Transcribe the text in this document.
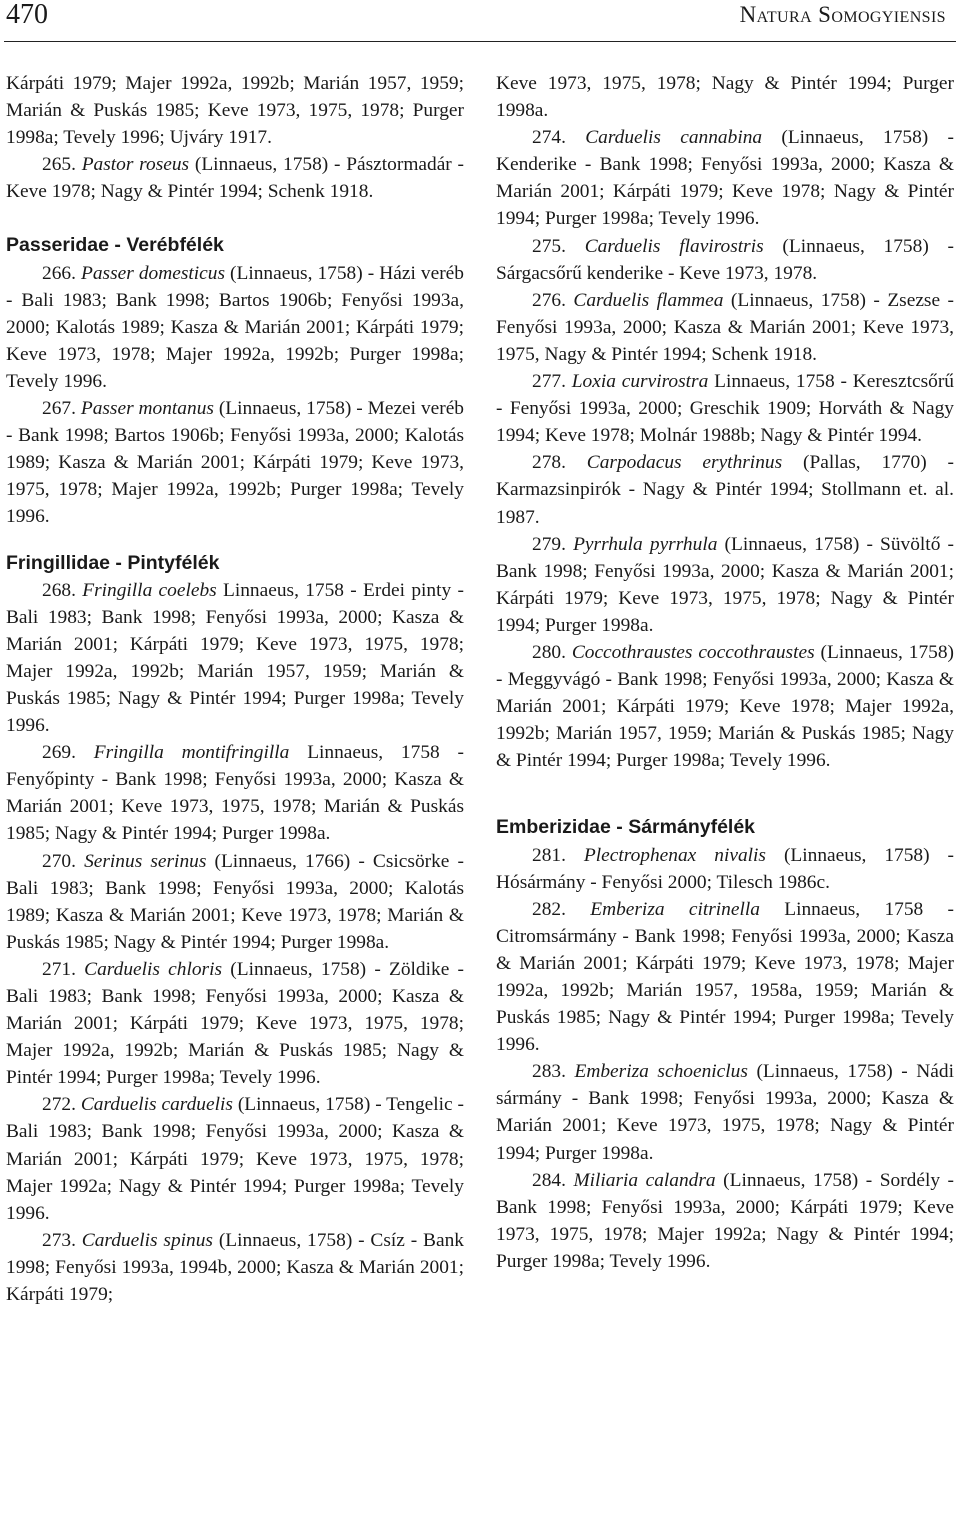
470	Natura Somogyiensis

Kárpáti 1979; Majer 1992a, 1992b; Marián 1957, 1959; Marián & Puskás 1985; Keve 1973, 1975, 1978; Purger 1998a; Tevely 1996; Ujváry 1917.

265. Pastor roseus (Linnaeus, 1758) - Pásztormadár - Keve 1978; Nagy & Pintér 1994; Schenk 1918.

Passeridae - Verébfélék

266. Passer domesticus (Linnaeus, 1758) - Házi veréb - Bali 1983; Bank 1998; Bartos 1906b; Fenyősi 1993a, 2000; Kalotás 1989; Kasza & Marián 2001; Kárpáti 1979; Keve 1973, 1978; Majer 1992a, 1992b; Purger 1998a; Tevely 1996.

267. Passer montanus (Linnaeus, 1758) - Mezei veréb - Bank 1998; Bartos 1906b; Fenyősi 1993a, 2000; Kalotás 1989; Kasza & Marián 2001; Kárpáti 1979; Keve 1973, 1975, 1978; Majer 1992a, 1992b; Purger 1998a; Tevely 1996.

Fringillidae - Pintyfélék

268. Fringilla coelebs Linnaeus, 1758 - Erdei pinty - Bali 1983; Bank 1998; Fenyősi 1993a, 2000; Kasza & Marián 2001; Kárpáti 1979; Keve 1973, 1975, 1978; Majer 1992a, 1992b; Marián 1957, 1959; Marián & Puskás 1985; Nagy & Pintér 1994; Purger 1998a; Tevely 1996.

269. Fringilla montifringilla Linnaeus, 1758 - Fenyőpinty - Bank 1998; Fenyősi 1993a, 2000; Kasza & Marián 2001; Keve 1973, 1975, 1978; Marián & Puskás 1985; Nagy & Pintér 1994; Purger 1998a.

270. Serinus serinus (Linnaeus, 1766) - Csicsörke - Bali 1983; Bank 1998; Fenyősi 1993a, 2000; Kalotás 1989; Kasza & Marián 2001; Keve 1973, 1978; Marián & Puskás 1985; Nagy & Pintér 1994; Purger 1998a.

271. Carduelis chloris (Linnaeus, 1758) - Zöldike - Bali 1983; Bank 1998; Fenyősi 1993a, 2000; Kasza & Marián 2001; Kárpáti 1979; Keve 1973, 1975, 1978; Majer 1992a, 1992b; Marián & Puskás 1985; Nagy & Pintér 1994; Purger 1998a; Tevely 1996.

272. Carduelis carduelis (Linnaeus, 1758) - Tengelic - Bali 1983; Bank 1998; Fenyősi 1993a, 2000; Kasza & Marián 2001; Kárpáti 1979; Keve 1973, 1975, 1978; Majer 1992a; Nagy & Pintér 1994; Purger 1998a; Tevely 1996.

273. Carduelis spinus (Linnaeus, 1758) - Csíz - Bank 1998; Fenyősi 1993a, 1994b, 2000; Kasza & Marián 2001; Kárpáti 1979;

Keve 1973, 1975, 1978; Nagy & Pintér 1994; Purger 1998a.

274. Carduelis cannabina (Linnaeus, 1758) - Kenderike - Bank 1998; Fenyősi 1993a, 2000; Kasza & Marián 2001; Kárpáti 1979; Keve 1978; Nagy & Pintér 1994; Purger 1998a; Tevely 1996.

275. Carduelis flavirostris (Linnaeus, 1758) - Sárgacsőrű kenderike - Keve 1973, 1978.

276. Carduelis flammea (Linnaeus, 1758) - Zsezse - Fenyősi 1993a, 2000; Kasza & Marián 2001; Keve 1973, 1975, Nagy & Pintér 1994; Schenk 1918.

277. Loxia curvirostra Linnaeus, 1758 - Keresztcsőrű - Fenyősi 1993a, 2000; Greschik 1909; Horváth & Nagy 1994; Keve 1978; Molnár 1988b; Nagy & Pintér 1994.

278. Carpodacus erythrinus (Pallas, 1770) - Karmazsinpirók - Nagy & Pintér 1994; Stollmann et. al. 1987.

279. Pyrrhula pyrrhula (Linnaeus, 1758) - Süvöltő - Bank 1998; Fenyősi 1993a, 2000; Kasza & Marián 2001; Kárpáti 1979; Keve 1973, 1975, 1978; Nagy & Pintér 1994; Purger 1998a.

280. Coccothraustes coccothraustes (Linnaeus, 1758) - Meggyvágó - Bank 1998; Fenyősi 1993a, 2000; Kasza & Marián 2001; Kárpáti 1979; Keve 1978; Majer 1992a, 1992b; Marián 1957, 1959; Marián & Puskás 1985; Nagy & Pintér 1994; Purger 1998a; Tevely 1996.

Emberizidae - Sármányfélék

281. Plectrophenax nivalis (Linnaeus, 1758) - Hósármány - Fenyősi 2000; Tilesch 1986c.

282. Emberiza citrinella Linnaeus, 1758 - Citromsármány - Bank 1998; Fenyősi 1993a, 2000; Kasza & Marián 2001; Kárpáti 1979; Keve 1973, 1978; Majer 1992a, 1992b; Marián 1957, 1958a, 1959; Marián & Puskás 1985; Nagy & Pintér 1994; Purger 1998a; Tevely 1996.

283. Emberiza schoeniclus (Linnaeus, 1758) - Nádi sármány - Bank 1998; Fenyősi 1993a, 2000; Kasza & Marián 2001; Keve 1973, 1975, 1978; Nagy & Pintér 1994; Purger 1998a.

284. Miliaria calandra (Linnaeus, 1758) - Sordély - Bank 1998; Fenyősi 1993a, 2000; Kárpáti 1979; Keve 1973, 1975, 1978; Majer 1992a; Nagy & Pintér 1994; Purger 1998a; Tevely 1996.
